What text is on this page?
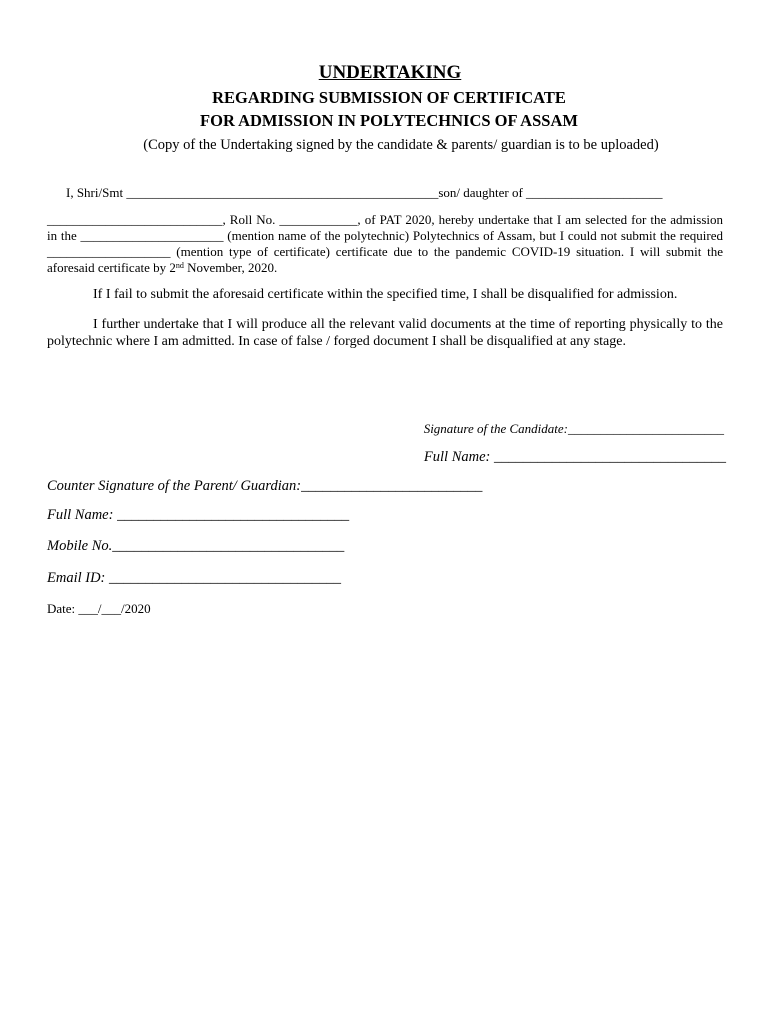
UNDERTAKING
REGARDING SUBMISSION OF CERTIFICATE
FOR ADMISSION IN POLYTECHNICS OF ASSAM
(Copy of the Undertaking signed by the candidate & parents/ guardian is to be uploaded)
I, Shri/Smt ________________________________________________son/ daughter of _____________________
___________________________, Roll No. ____________, of PAT 2020, hereby undertake that I am selected for the admission in the ______________________ (mention name of the polytechnic) Polytechnics of Assam, but I could not submit the required ___________________ (mention type of certificate) certificate due to the pandemic COVID-19 situation. I will submit the aforesaid certificate by 2nd November, 2020.
If I fail to submit the aforesaid certificate within the specified time, I shall be disqualified for admission.
I further undertake that I will produce all the relevant valid documents at the time of reporting physically to the polytechnic where I am admitted. In case of false / forged document I shall be disqualified at any stage.
Signature of the Candidate:________________________
Full Name: ________________________________
Counter Signature of the Parent/ Guardian:_________________________
Full Name: ________________________________
Mobile No.________________________________
Email ID: ________________________________
Date: ___/___/2020
